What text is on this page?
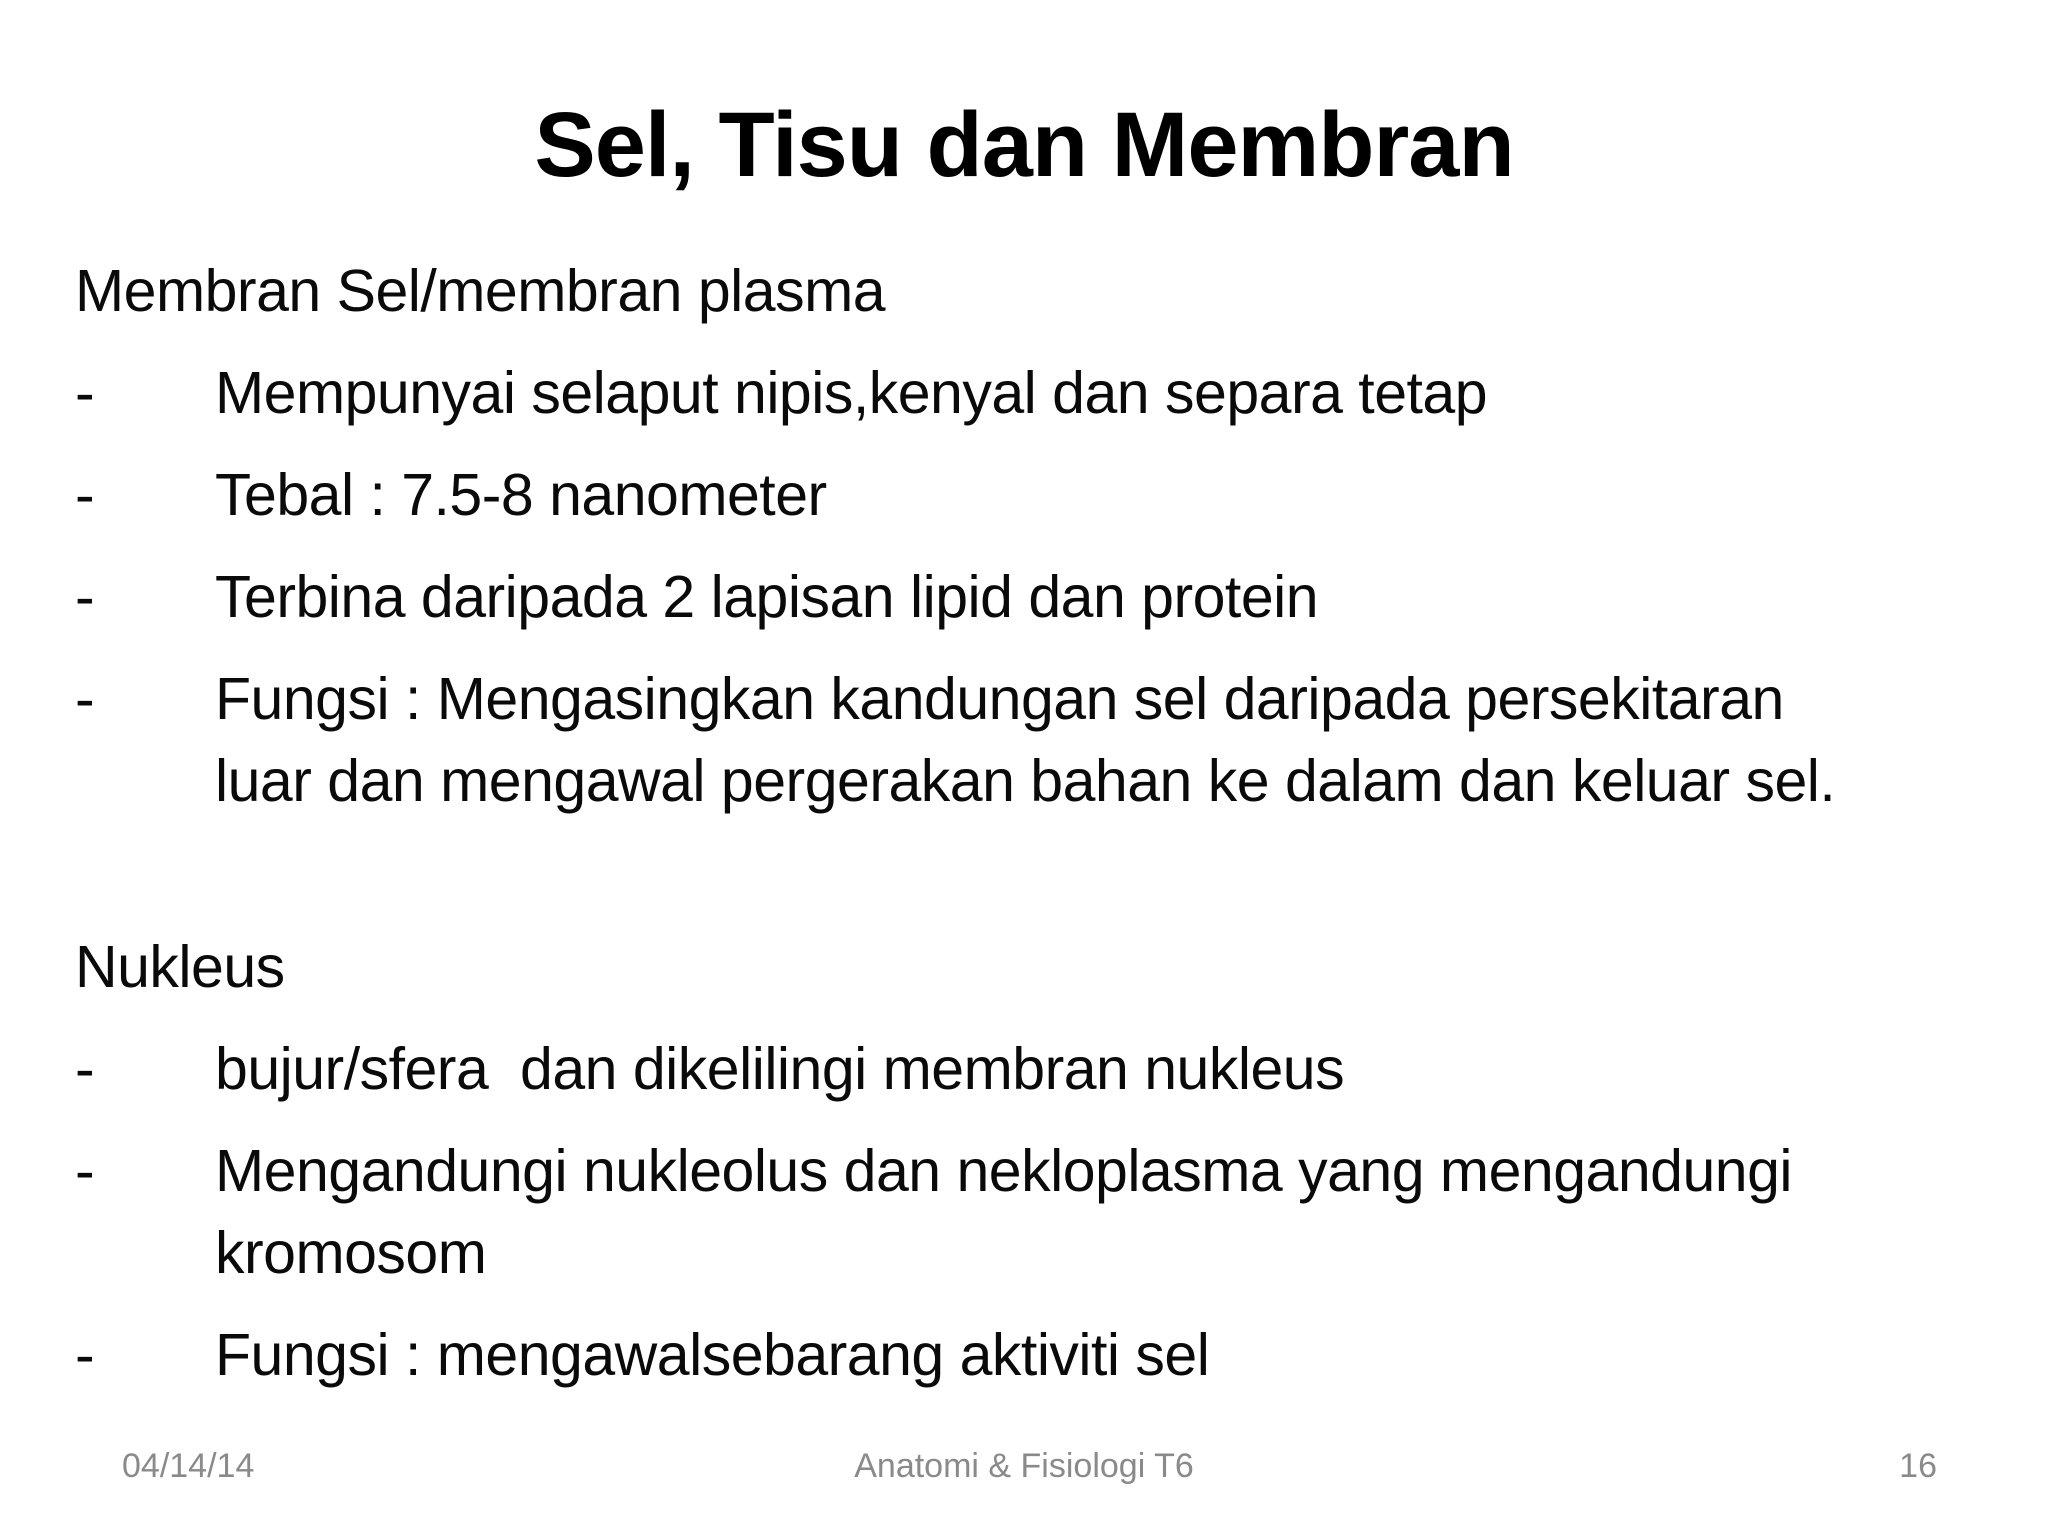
Sel, Tisu dan Membran

Membran Sel/membran plasma

- Mempunyai selaput nipis,kenyal dan separa tetap
- Tebal : 7.5-8 nanometer
- Terbina daripada 2 lapisan lipid dan protein
- Fungsi : Mengasingkan kandungan sel daripada persekitaran
luar dan mengawal pergerakan bahan ke dalam dan keluar sel.

Nukleus

- bujur/sfera  dan dikelilingi membran nukleus
- Mengandungi nukleolus dan nekloplasma yang mengandungi
kromosom
- Fungsi : mengawalsebarang aktiviti sel
04/14/14	Anatomi & Fisiologi T6	16
